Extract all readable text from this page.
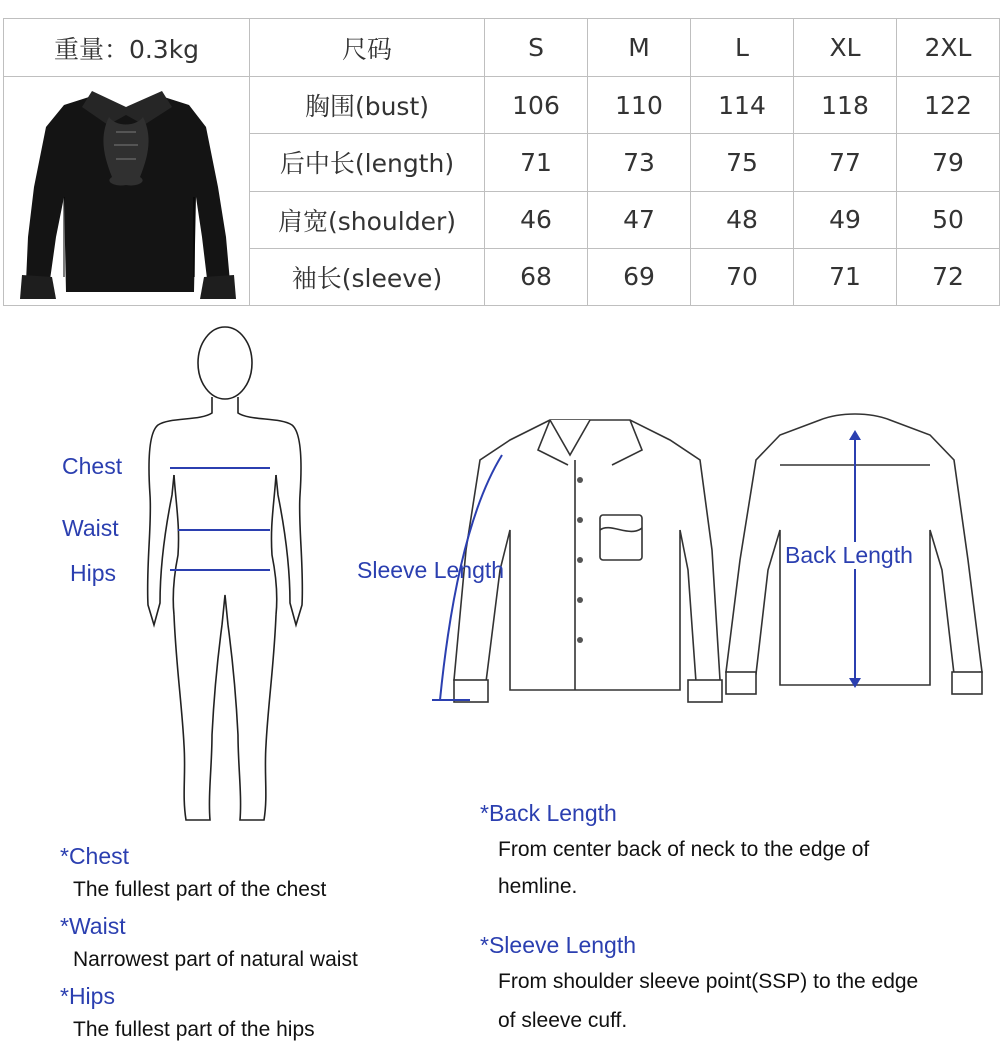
重量：0.3kg	尺码	S	M	L	XL	2XL

	胸围(bust)	106	110	114	118	122
	后中长(length)	71	73	75	77	79
	肩宽(shoulder)	46	47	48	49	50
	袖长(sleeve)	68	69	70	71	72
Chest
Waist
Hips	Sleeve Length
Back Length
*Chest
The fullest part of the chest
*Waist
Narrowest part of natural waist
*Hips
The fullest part of the hips
*Back Length
From center back of neck to the edge of
hemline.
*Sleeve Length
From shoulder sleeve point(SSP) to the edge
of sleeve cuff.
